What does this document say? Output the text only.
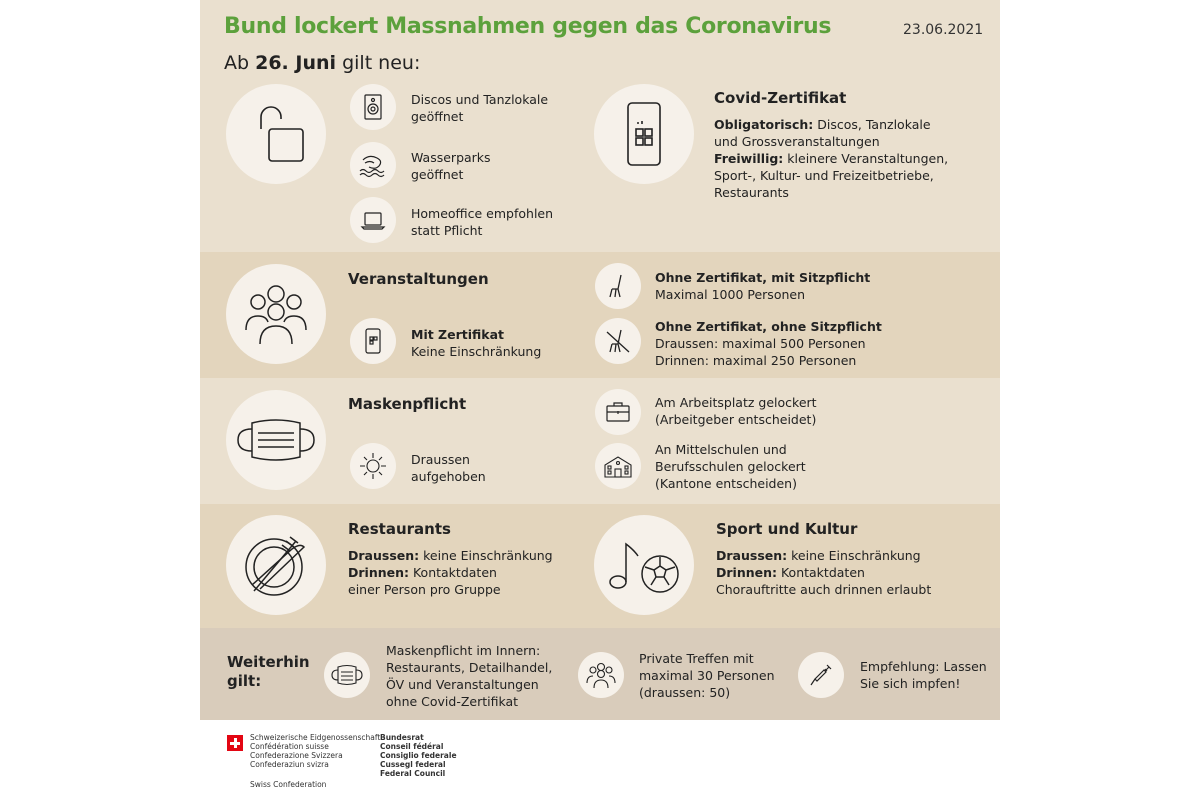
Bund lockert Massnahmen gegen das Coronavirus	23.06.2021
Ab 26. Juni gilt neu:
Discos und Tanzlokale
geöffnet
Wasserparks
geöffnet
Homeoffice empfohlen
statt Pflicht
Covid-Zertifikat
Obligatorisch: Discos, Tanzlokale
und Grossveranstaltungen
Freiwillig: kleinere Veranstaltungen,
Sport-, Kultur- und Freizeitbetriebe,
Restaurants
Veranstaltungen
Mit Zertifikat
Keine Einschränkung
Ohne Zertifikat, mit Sitzpflicht
Maximal 1000 Personen
Ohne Zertifikat, ohne Sitzpflicht
Draussen: maximal 500 Personen
Drinnen: maximal 250 Personen
Maskenpflicht
Draussen
aufgehoben
Am Arbeitsplatz gelockert
(Arbeitgeber entscheidet)
An Mittelschulen und
Berufsschulen gelockert
(Kantone entscheiden)
Restaurants
Draussen: keine Einschränkung
Drinnen: Kontaktdaten
einer Person pro Gruppe
Sport und Kultur
Draussen: keine Einschränkung
Drinnen: Kontaktdaten
Chorauftritte auch drinnen erlaubt
Weiterhin
gilt:
Maskenpflicht im Innern:
Restaurants, Detailhandel,
ÖV und Veranstaltungen
ohne Covid-Zertifikat
Private Treffen mit
maximal 30 Personen
(draussen: 50)
Empfehlung: Lassen
Sie sich impfen!
Schweizerische Eidgenossenschaft
Confédération suisse
Confederazione Svizzera
Confederaziun svizra
Swiss Confederation
Bundesrat
Conseil fédéral
Consiglio federale
Cussegl federal
Federal Council
